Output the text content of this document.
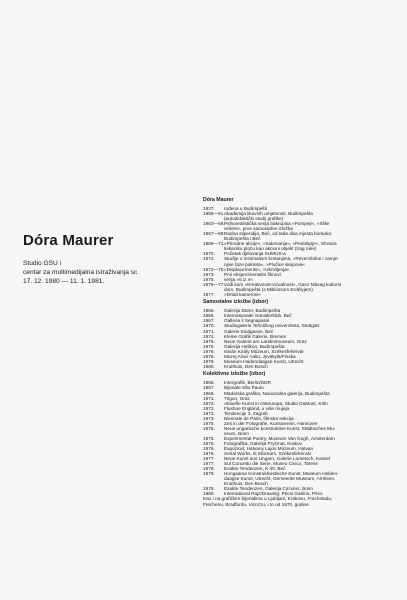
Dóra Maurer
Studio GSU i
centar za multimedijalna istraživanja sc
17. 12. 1980 — 11. 1. 1981.
Dóra Maurer
1937.	rođena u Budimpešti
1955—61. Akademija likovnih umjetnosti, Budimpešta
(autodidaktički studij grafike)
1963—66. Psihorealistička serija bakropisa »Pompeji«, »Slike
vešeni«, prve samostalne izložbe
1967—68. Radna stipendija, Beč, od tada diva mjesta boravka:
Budimpešta i Beč
1969—71. »Prirodne akcije«, »Sakrivanja«, »Pedotipije«, Shvaća
tiskarsku ploču kao akcioni objekt (trag ruke)
1970.	Početak djelovanja SUMUS-a
1972.	Studije o minimalnim kretanjima, »Reverzibilne i zamje-
njive faze pokreta«, »Pločice skupova«
1972—75. »Displacements«, »Ukrivljenja«
1973.	Prvi eksperimentalni filmovi
1975.	serija »5 iz 4«
1975—77. Vodi kurs »Kreativnost-vizualnost«, Ganz Mávag kulturni
dom, Budimpešta (s Miklóssom Erdélyjem)
1977.	»Drtati kameroni«
Samostalne izložbe (izbor)
1966.	Galerija Dürer, Budimpešta
1966.	Internationaler Künstlerklub, Beč
1967.	Galleria il Segnapassi
1970.	Studiogalerie Tehničkog univerziteta, Stuttgart
1971.	Galerie Studgasse, Beč
1974.	Kleine Grafik Galerie, Bremen
1975.	Neue Galerie am Landesmuseum, Graz
1976.	Galerija Helikon, Budimpešta
1976.	István Király Múzeum, Székesfehérvár
1976.	Muzej Alvar Aalto, Jyväkylä/Finska
1979.	Museum Hadendaagse Kunst, Utrecht
1980.	Kruithuis, Den Bosch
Kolektivne izložbe (izbor)
1965.	Intergrafik, Berlin/DDR
1967.	Bijenale São Paulo
1968.	Madarska grafika, Nacionalna galerija, Budimpešta
1971.	Trigon, Graz
1972.	Aktuelle Kunst in Osteuropa, Studio DuMont, Köln
1972.	Flushoe England, u više mujeja
1973.	Tendencije 3, Zagreb
1973.	Biennale de Paris, filmska sekcija
1975.	Zeit in der Fotografie, Kunstverein, Hannover
1975.	Neue ungarische konstruktive Kunst, Städtisches Mu-
seum, Bonn
1975.	Experimental Poetry, Museum Van Gogh, Amsterdam
1976.	Fotografika, Galerija Pryzmat, Krakov
1976.	Expozicid, Hatvany Lajos Múzeum, Hatvan
1976.	Serial Works, Ik Múzeum, Székesfehérvár
1977.	Neue Kunst aus Ungarn, Galerie Lometsch, Kassel
1977.	Sul Concetto die Serie, Museo Civico, Tarese
1978.	Exakte Tendenzen, K 40, Beč
1979.	Hongaarse Konstruktivistische Kunst, Museum Helden-
daagse Kunst, Utrecht, Gemeente Museum, Arnheim,
Kruithuis, Den Bosch
1979.	Exakte Tendenzen, Galerija Circulus, Bonn
1980.	International Rajz/Drawing: Pécsi Galéria, Pécs
Kao i na grafičkim bijenalima u Ljubljani, Krakovu, Frechstadu,
Frechenu, Bradfordu, Vicnzzu, i to od 1970. godine.
